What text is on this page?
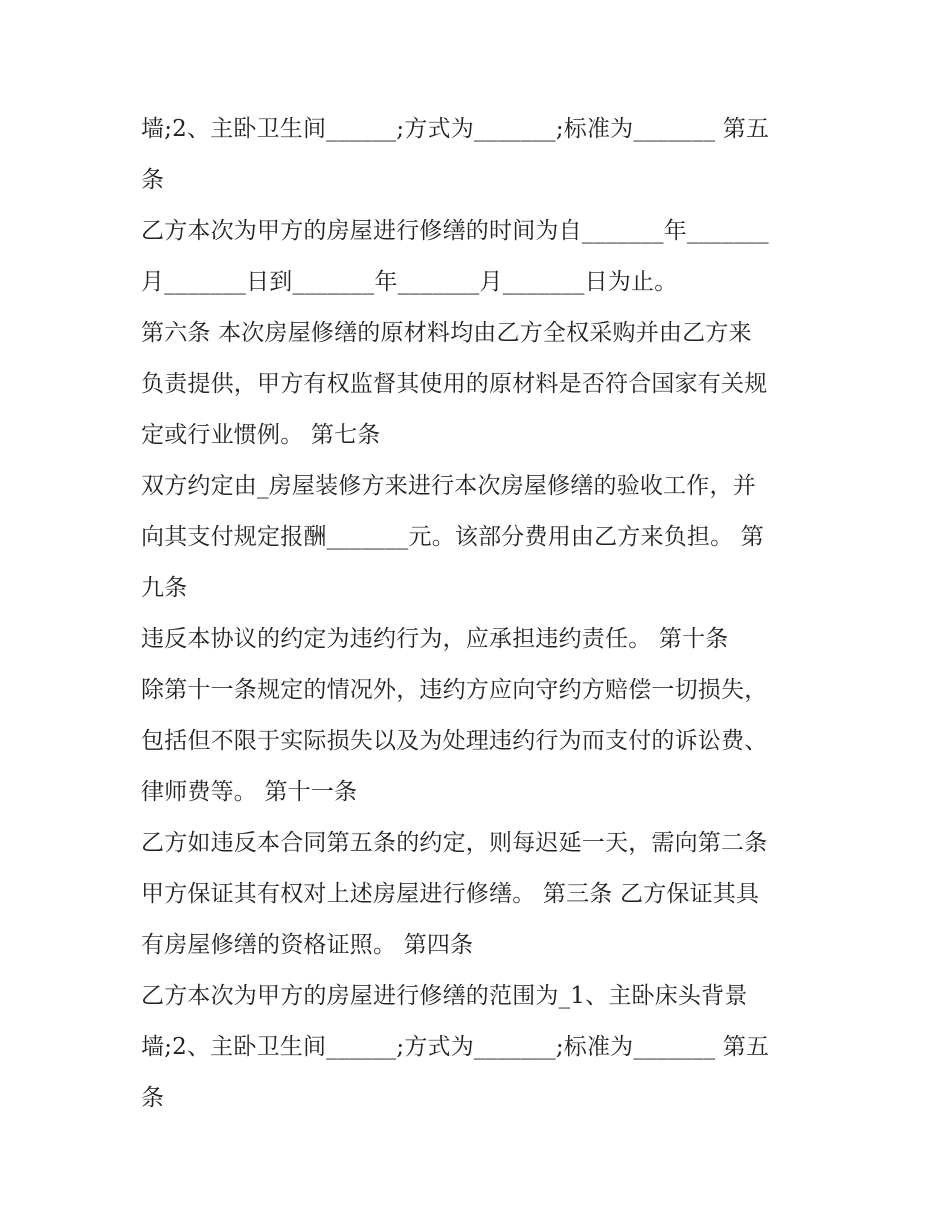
墙;2、主卧卫生间______;方式为_______;标准为_______ 第五
条
乙方本次为甲方的房屋进行修缮的时间为自_______年_______
月_______日到_______年_______月_______日为止。
第六条 本次房屋修缮的原材料均由乙方全权采购并由乙方来
负责提供，甲方有权监督其使用的原材料是否符合国家有关规
定或行业惯例。 第七条
双方约定由_房屋装修方来进行本次房屋修缮的验收工作，并
向其支付规定报酬_______元。该部分费用由乙方来负担。 第
九条
违反本协议的约定为违约行为，应承担违约责任。 第十条
除第十一条规定的情况外，违约方应向守约方赔偿一切损失，
包括但不限于实际损失以及为处理违约行为而支付的诉讼费、
律师费等。 第十一条
乙方如违反本合同第五条的约定，则每迟延一天，需向第二条
甲方保证其有权对上述房屋进行修缮。 第三条 乙方保证其具
有房屋修缮的资格证照。 第四条
乙方本次为甲方的房屋进行修缮的范围为_1、主卧床头背景
墙;2、主卧卫生间______;方式为_______;标准为_______ 第五
条
